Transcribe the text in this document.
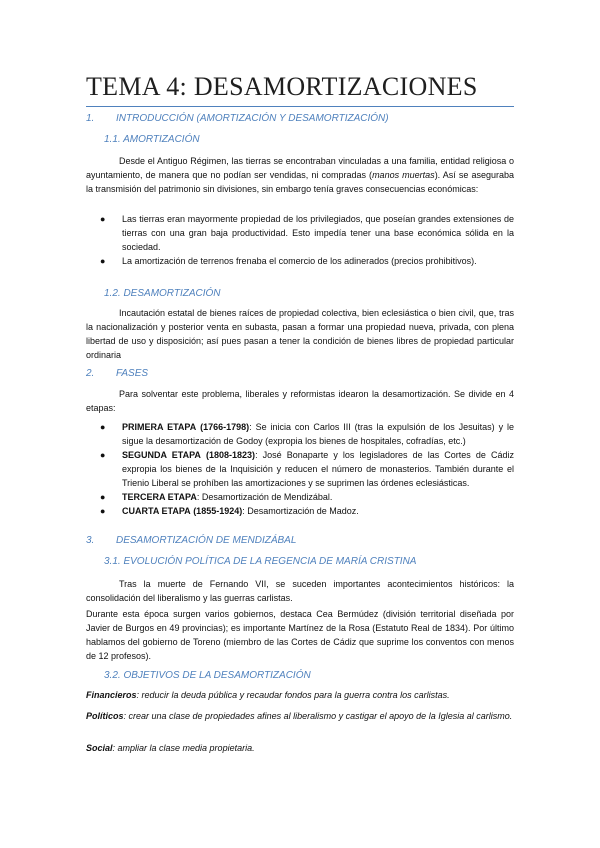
TEMA 4: DESAMORTIZACIONES
1. INTRODUCCIÓN (AMORTIZACIÓN Y DESAMORTIZACIÓN)
1.1. AMORTIZACIÓN
Desde el Antiguo Régimen, las tierras se encontraban vinculadas a una familia, entidad religiosa o ayuntamiento, de manera que no podían ser vendidas, ni compradas (manos muertas). Así se aseguraba la transmisión del patrimonio sin divisiones, sin embargo tenía graves consecuencias económicas:
● Las tierras eran mayormente propiedad de los privilegiados, que poseían grandes extensiones de tierras con una gran baja productividad. Esto impedía tener una base económica sólida en la sociedad.
● La amortización de terrenos frenaba el comercio de los adinerados (precios prohibitivos).
1.2. DESAMORTIZACIÓN
Incautación estatal de bienes raíces de propiedad colectiva, bien eclesiástica o bien civil, que, tras la nacionalización y posterior venta en subasta, pasan a formar una propiedad nueva, privada, con plena libertad de uso y disposición; así pues pasan a tener la condición de bienes libres de propiedad particular ordinaria
2. FASES
Para solventar este problema, liberales y reformistas idearon la desamortización. Se divide en 4 etapas:
● PRIMERA ETAPA (1766-1798): Se inicia con Carlos III (tras la expulsión de los Jesuitas) y le sigue la desamortización de Godoy (expropia los bienes de hospitales, cofradías, etc.)
● SEGUNDA ETAPA (1808-1823): José Bonaparte y los legisladores de las Cortes de Cádiz expropia los bienes de la Inquisición y reducen el número de monasterios. También durante el Trienio Liberal se prohíben las amortizaciones y se suprimen las órdenes eclesiásticas.
● TERCERA ETAPA: Desamortización de Mendizábal.
● CUARTA ETAPA (1855-1924): Desamortización de Madoz.
3. DESAMORTIZACIÓN DE MENDIZÁBAL
3.1. EVOLUCIÓN POLÍTICA DE LA REGENCIA DE MARÍA CRISTINA
Tras la muerte de Fernando VII, se suceden importantes acontecimientos históricos: la consolidación del liberalismo y las guerras carlistas.
Durante esta época surgen varios gobiernos, destaca Cea Bermúdez (división territorial diseñada por Javier de Burgos en 49 provincias); es importante Martínez de la Rosa (Estatuto Real de 1834). Por último hablamos del gobierno de Toreno (miembro de las Cortes de Cádiz que suprime los conventos con menos de 12 profesos).
3.2. OBJETIVOS DE LA DESAMORTIZACIÓN
Financieros: reducir la deuda pública y recaudar fondos para la guerra contra los carlistas.
Políticos: crear una clase de propiedades afines al liberalismo y castigar el apoyo de la Iglesia al carlismo.
Social: ampliar la clase media propietaria.
